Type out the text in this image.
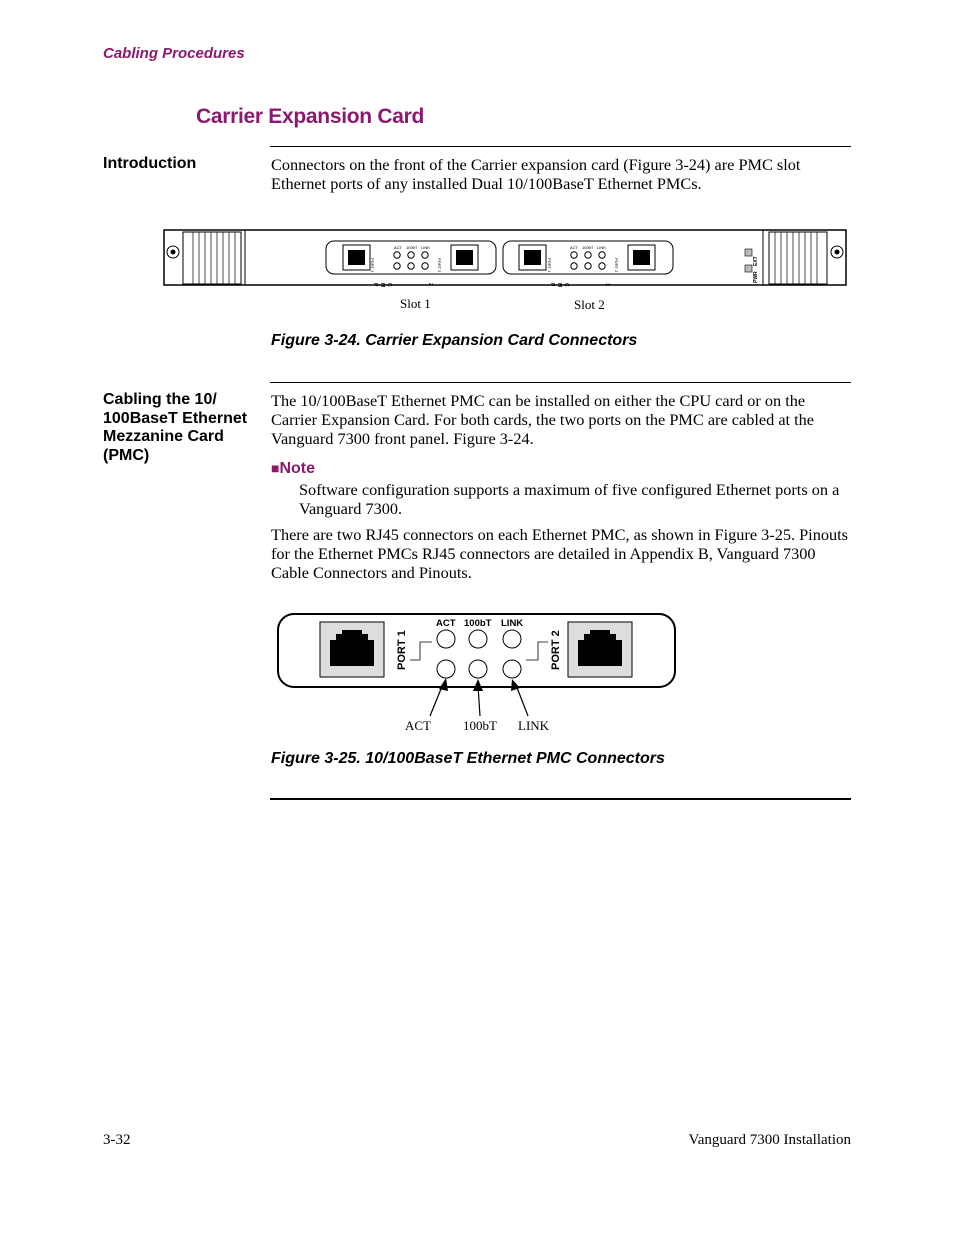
Cabling Procedures
Carrier Expansion Card
Introduction	Connectors on the front of the Carrier expansion card (Figure 3-24) are PMC slot Ethernet ports of any installed Dual 10/100BaseT Ethernet PMCs.
PORT 1	PORT 2
ACT 100bT LINK
P M C	2
PORT 1	PORT 2
ACT 100bT LINK
P M C	1
EXT
PWR
Slot 1	Slot 2
Figure 3-24. Carrier Expansion Card Connectors
Cabling the 10/
100BaseT Ethernet
Mezzanine Card
(PMC)
The 10/100BaseT Ethernet PMC can be installed on either the CPU card or on the Carrier Expansion Card. For both cards, the two ports on the PMC are cabled at the Vanguard 7300 front panel. Figure 3-24.
■Note
Software configuration supports a maximum of five configured Ethernet ports on a Vanguard 7300.
There are two RJ45 connectors on each Ethernet PMC, as shown in Figure 3-25. Pinouts for the Ethernet PMCs RJ45 connectors are detailed in Appendix B, Vanguard 7300 Cable Connectors and Pinouts.
PORT 1	PORT 2
ACT 100bT LINK
ACT 100bT LINK
Figure 3-25. 10/100BaseT Ethernet PMC Connectors
3-32	Vanguard 7300 Installation
